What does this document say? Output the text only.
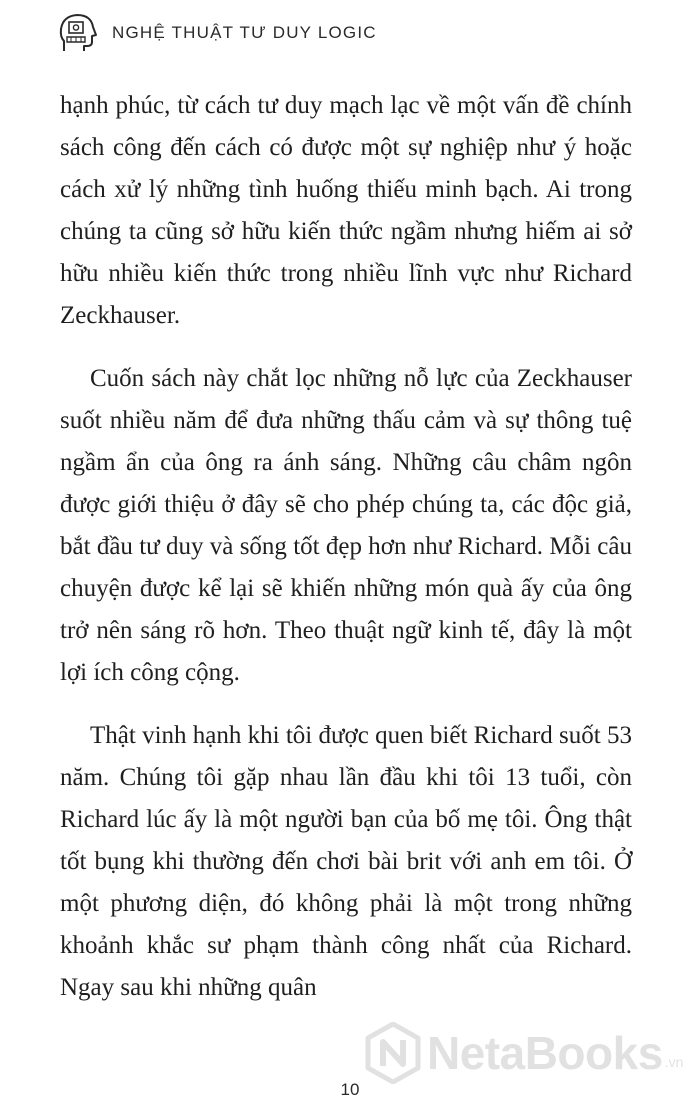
NGHỆ THUẬT TƯ DUY LOGIC

hạnh phúc, từ cách tư duy mạch lạc về một vấn đề chính sách công đến cách có được một sự nghiệp như ý hoặc cách xử lý những tình huống thiếu minh bạch. Ai trong chúng ta cũng sở hữu kiến thức ngầm nhưng hiếm ai sở hữu nhiều kiến thức trong nhiều lĩnh vực như Richard Zeckhauser.

Cuốn sách này chắt lọc những nỗ lực của Zeckhauser suốt nhiều năm để đưa những thấu cảm và sự thông tuệ ngầm ẩn của ông ra ánh sáng. Những câu châm ngôn được giới thiệu ở đây sẽ cho phép chúng ta, các độc giả, bắt đầu tư duy và sống tốt đẹp hơn như Richard. Mỗi câu chuyện được kể lại sẽ khiến những món quà ấy của ông trở nên sáng rõ hơn. Theo thuật ngữ kinh tế, đây là một lợi ích công cộng.

Thật vinh hạnh khi tôi được quen biết Richard suốt 53 năm. Chúng tôi gặp nhau lần đầu khi tôi 13 tuổi, còn Richard lúc ấy là một người bạn của bố mẹ tôi. Ông thật tốt bụng khi thường đến chơi bài brit với anh em tôi. Ở một phương diện, đó không phải là một trong những khoảnh khắc sư phạm thành công nhất của Richard. Ngay sau khi những quân

NetaBooks .vn
10
